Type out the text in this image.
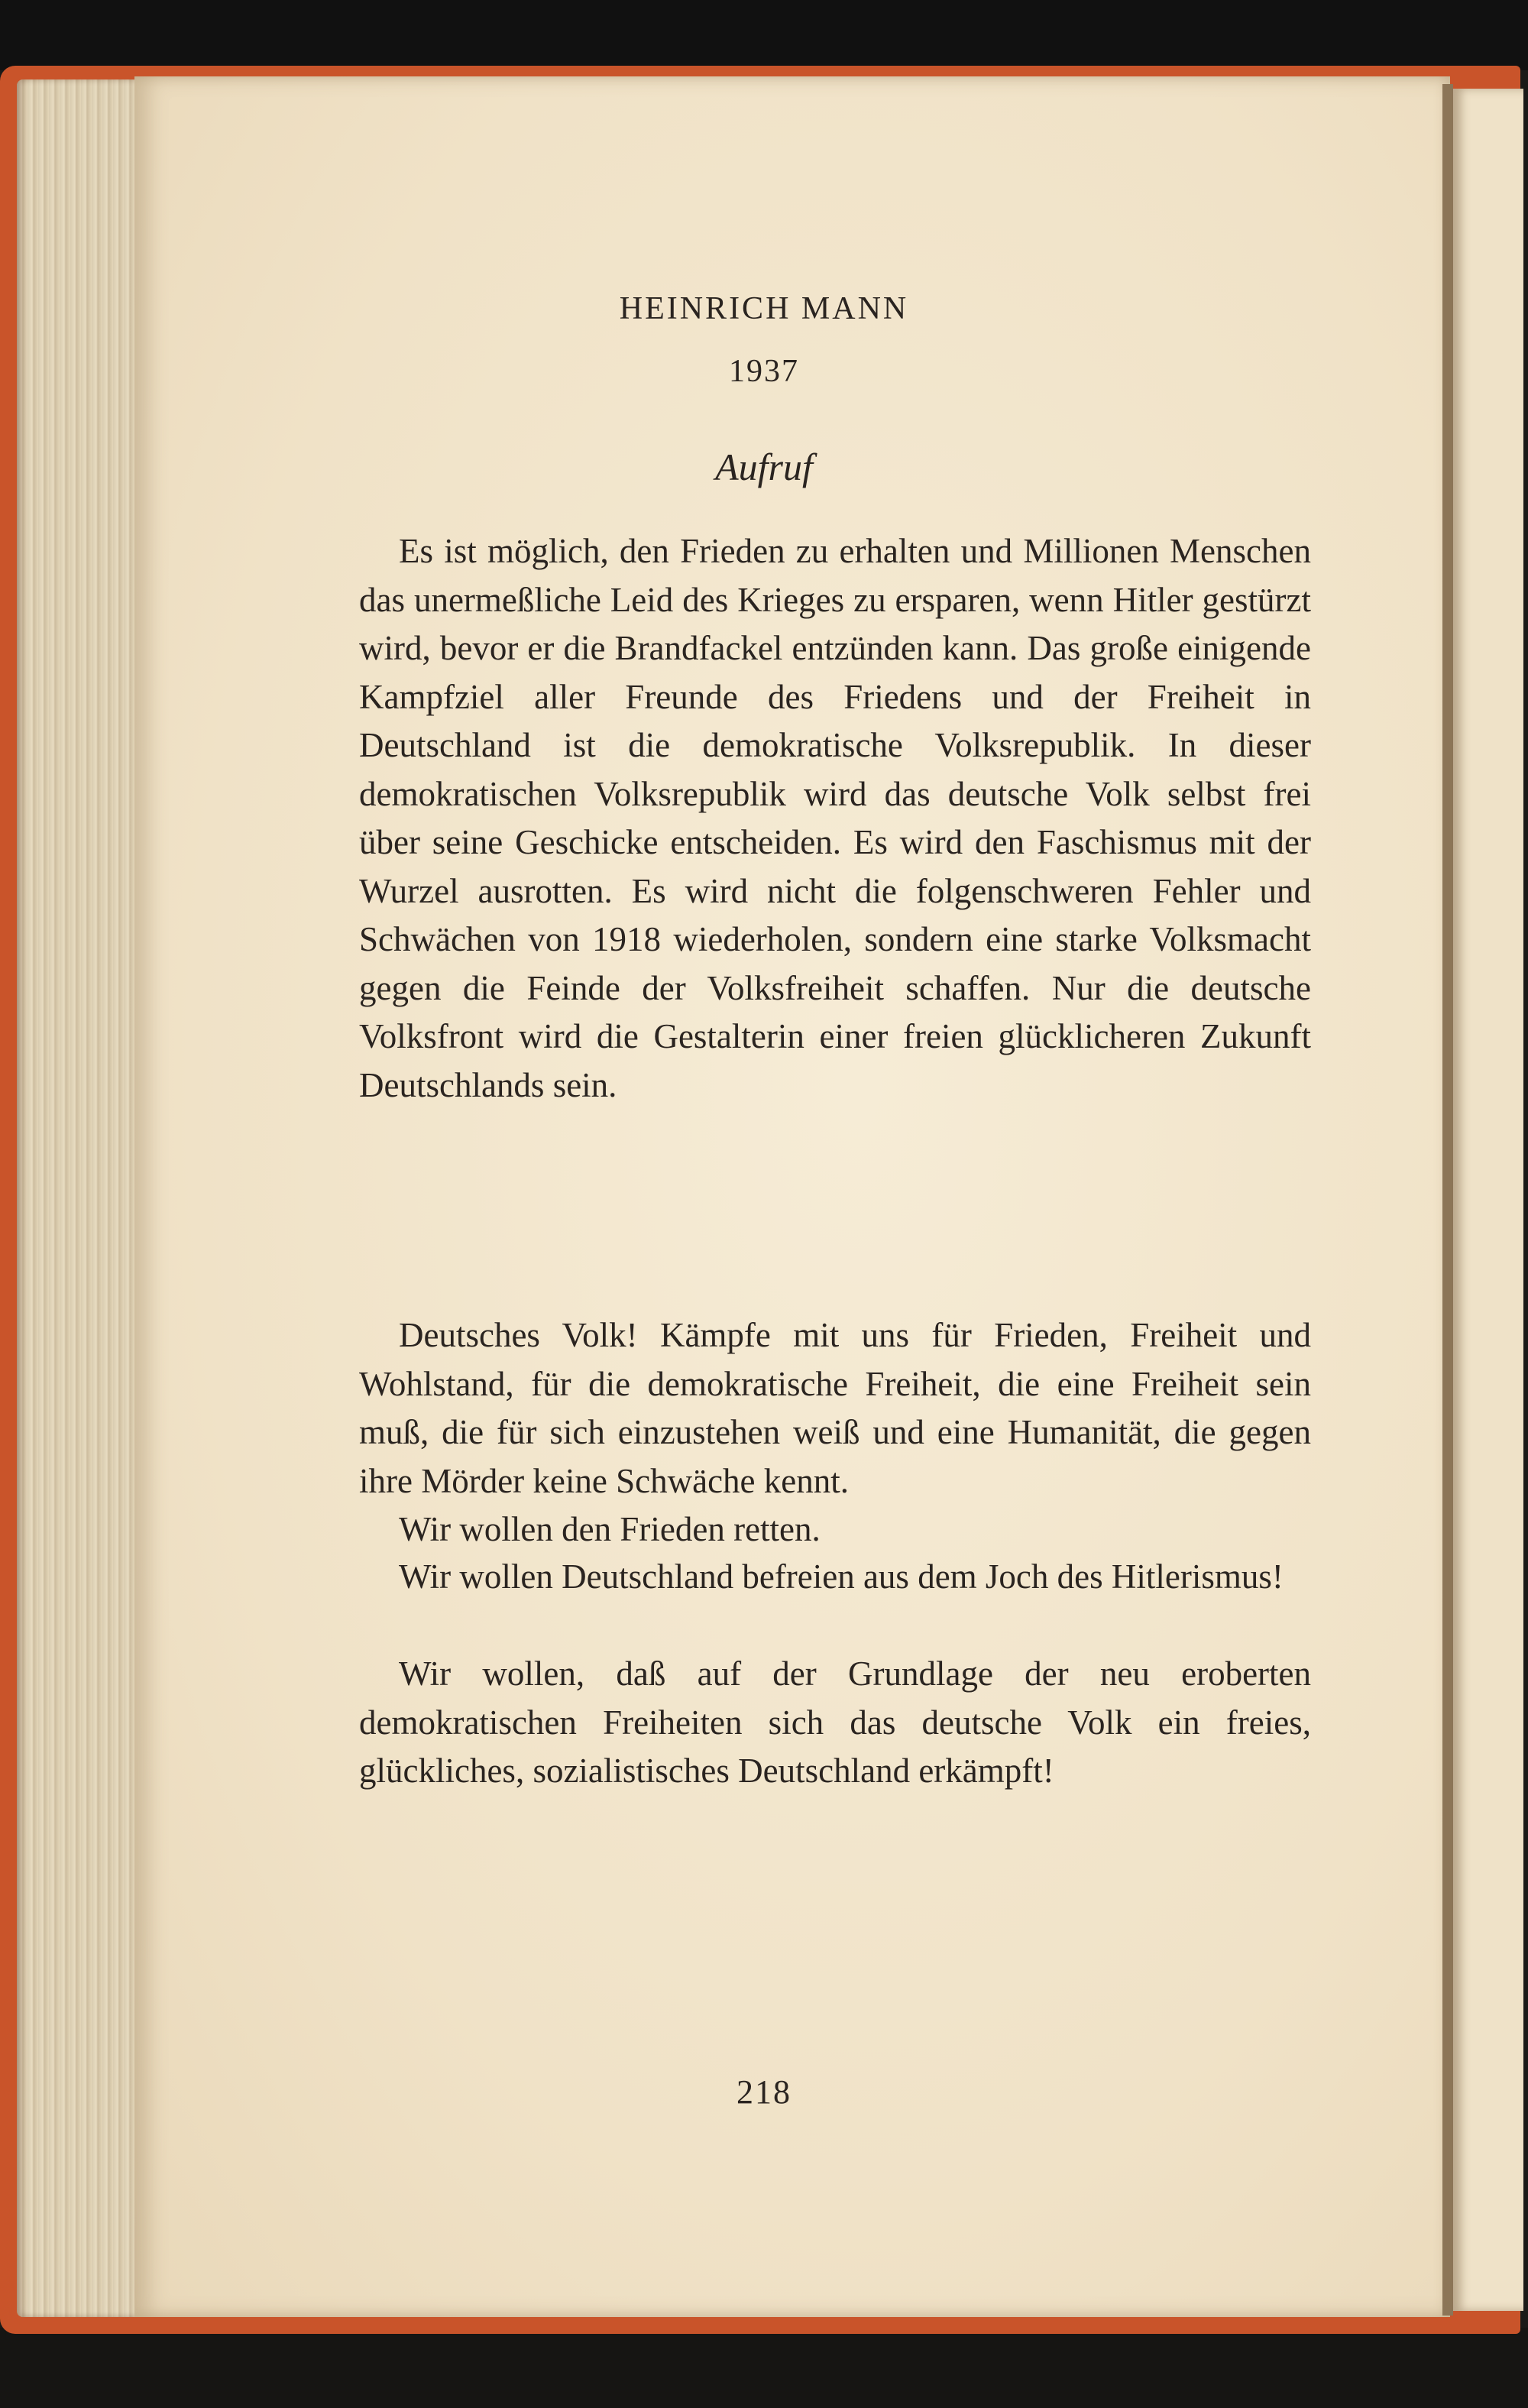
HEINRICH MANN
1937
Aufruf

Es ist möglich, den Frieden zu erhalten und Millionen Menschen das unermeßliche Leid des Krieges zu ersparen, wenn Hitler gestürzt wird, bevor er die Brandfackel entzünden kann. Das große einigende Kampfziel aller Freunde des Friedens und der Freiheit in Deutschland ist die demokratische Volksrepublik. In dieser demokratischen Volksrepublik wird das deutsche Volk selbst frei über seine Geschicke entscheiden. Es wird den Faschismus mit der Wurzel ausrotten. Es wird nicht die folgenschweren Fehler und Schwächen von 1918 wiederholen, sondern eine starke Volksmacht gegen die Feinde der Volksfreiheit schaffen. Nur die deutsche Volksfront wird die Gestalterin einer freien glücklicheren Zukunft Deutschlands sein.

Deutsches Volk! Kämpfe mit uns für Frieden, Freiheit und Wohlstand, für die demokratische Freiheit, die eine Freiheit sein muß, die für sich einzustehen weiß und eine Humanität, die gegen ihre Mörder keine Schwäche kennt.

Wir wollen den Frieden retten.

Wir wollen Deutschland befreien aus dem Joch des Hitlerismus!

Wir wollen, daß auf der Grundlage der neu eroberten demokratischen Freiheiten sich das deutsche Volk ein freies, glückliches, sozialistisches Deutschland erkämpft!

218
